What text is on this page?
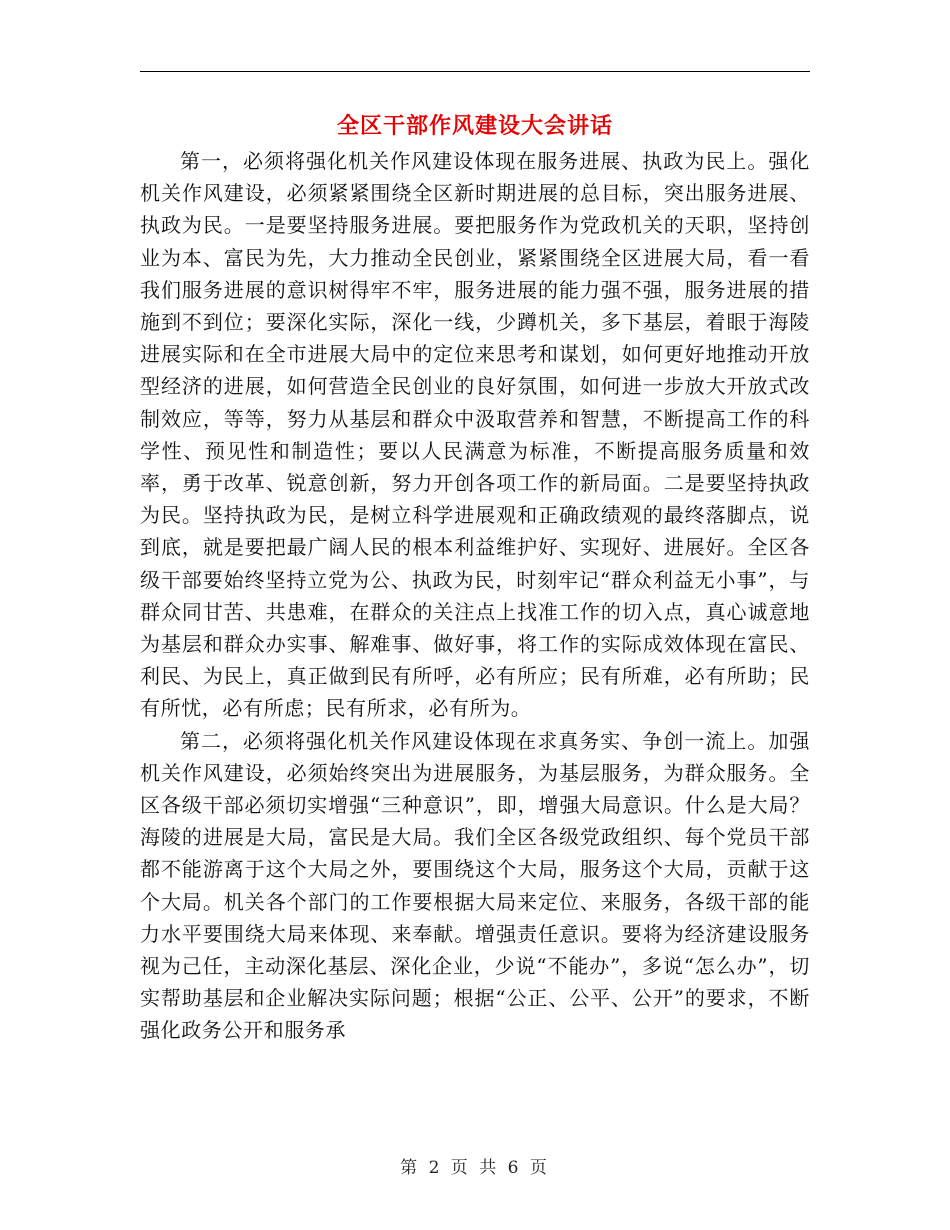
全区干部作风建设大会讲话

第一，必须将强化机关作风建设体现在服务进展、执政为民上。强化机关作风建设，必须紧紧围绕全区新时期进展的总目标，突出服务进展、执政为民。一是要坚持服务进展。要把服务作为党政机关的天职，坚持创业为本、富民为先，大力推动全民创业，紧紧围绕全区进展大局，看一看我们服务进展的意识树得牢不牢，服务进展的能力强不强，服务进展的措施到不到位；要深化实际，深化一线，少蹲机关，多下基层，着眼于海陵进展实际和在全市进展大局中的定位来思考和谋划，如何更好地推动开放型经济的进展，如何营造全民创业的良好氛围，如何进一步放大开放式改制效应，等等，努力从基层和群众中汲取营养和智慧，不断提高工作的科学性、预见性和制造性；要以人民满意为标准，不断提高服务质量和效率，勇于改革、锐意创新，努力开创各项工作的新局面。二是要坚持执政为民。坚持执政为民，是树立科学进展观和正确政绩观的最终落脚点，说到底，就是要把最广阔人民的根本利益维护好、实现好、进展好。全区各级干部要始终坚持立党为公、执政为民，时刻牢记“群众利益无小事”，与群众同甘苦、共患难，在群众的关注点上找准工作的切入点，真心诚意地为基层和群众办实事、解难事、做好事，将工作的实际成效体现在富民、利民、为民上，真正做到民有所呼，必有所应；民有所难，必有所助；民有所忧，必有所虑；民有所求，必有所为。

第二，必须将强化机关作风建设体现在求真务实、争创一流上。加强机关作风建设，必须始终突出为进展服务，为基层服务，为群众服务。全区各级干部必须切实增强“三种意识”，即，增强大局意识。什么是大局？海陵的进展是大局，富民是大局。我们全区各级党政组织、每个党员干部都不能游离于这个大局之外，要围绕这个大局，服务这个大局，贡献于这个大局。机关各个部门的工作要根据大局来定位、来服务，各级干部的能力水平要围绕大局来体现、来奉献。增强责任意识。要将为经济建设服务视为己任，主动深化基层、深化企业，少说“不能办”，多说“怎么办”，切实帮助基层和企业解决实际问题；根据“公正、公平、公开”的要求，不断强化政务公开和服务承

第 2 页 共 6 页
